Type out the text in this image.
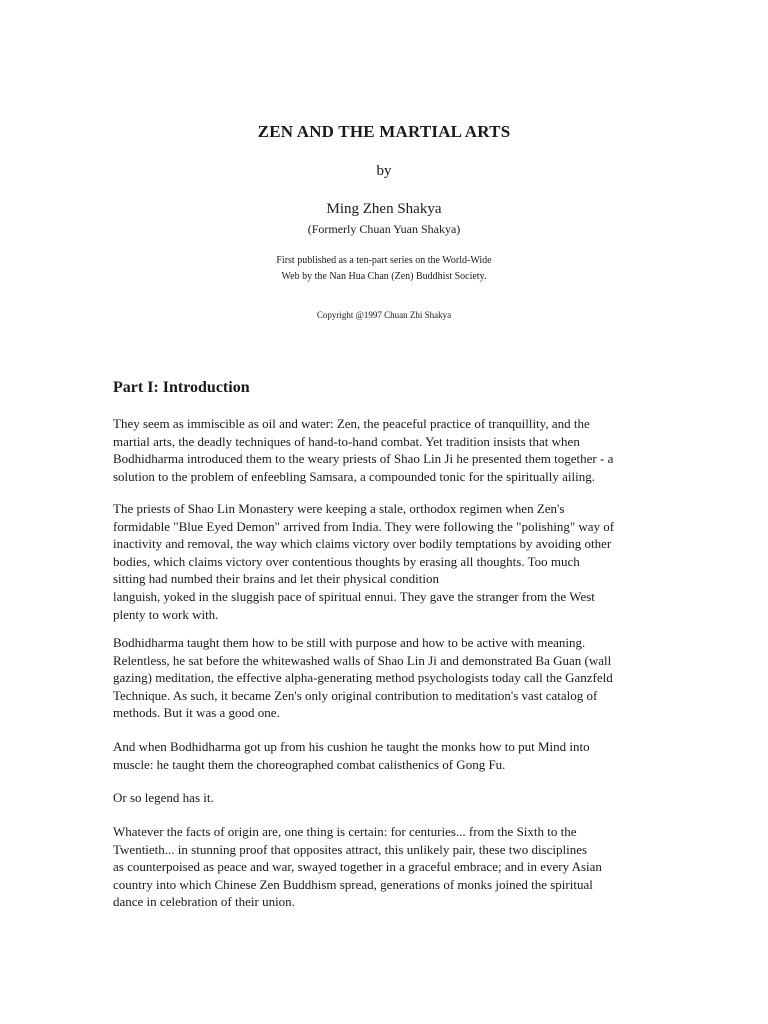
ZEN AND THE MARTIAL ARTS
by
Ming Zhen Shakya
(Formerly Chuan Yuan Shakya)
First published as a ten-part series on the World-Wide
Web by the Nan Hua Chan (Zen) Buddhist Society.
Copyright @1997 Chuan Zhi Shakya
Part I: Introduction

They seem as immiscible as oil and water: Zen, the peaceful practice of tranquillity, and the
martial arts, the deadly techniques of hand-to-hand combat. Yet tradition insists that when
Bodhidharma introduced them to the weary priests of Shao Lin Ji he presented them together - a
solution to the problem of enfeebling Samsara, a compounded tonic for the spiritually ailing.

The priests of Shao Lin Monastery were keeping a stale, orthodox regimen when Zen's
formidable "Blue Eyed Demon" arrived from India. They were following the "polishing" way of
inactivity and removal, the way which claims victory over bodily temptations by avoiding other
bodies, which claims victory over contentious thoughts by erasing all thoughts. Too much
sitting had numbed their brains and let their physical condition
languish, yoked in the sluggish pace of spiritual ennui. They gave the stranger from the West
plenty to work with.

Bodhidharma taught them how to be still with purpose and how to be active with meaning.
Relentless, he sat before the whitewashed walls of Shao Lin Ji and demonstrated Ba Guan (wall
gazing) meditation, the effective alpha-generating method psychologists today call the Ganzfeld
Technique. As such, it became Zen's only original contribution to meditation's vast catalog of
methods. But it was a good one.

And when Bodhidharma got up from his cushion he taught the monks how to put Mind into
muscle: he taught them the choreographed combat calisthenics of Gong Fu.

Or so legend has it.

Whatever the facts of origin are, one thing is certain: for centuries... from the Sixth to the
Twentieth... in stunning proof that opposites attract, this unlikely pair, these two disciplines
as counterpoised as peace and war, swayed together in a graceful embrace; and in every Asian
country into which Chinese Zen Buddhism spread, generations of monks joined the spiritual
dance in celebration of their union.
